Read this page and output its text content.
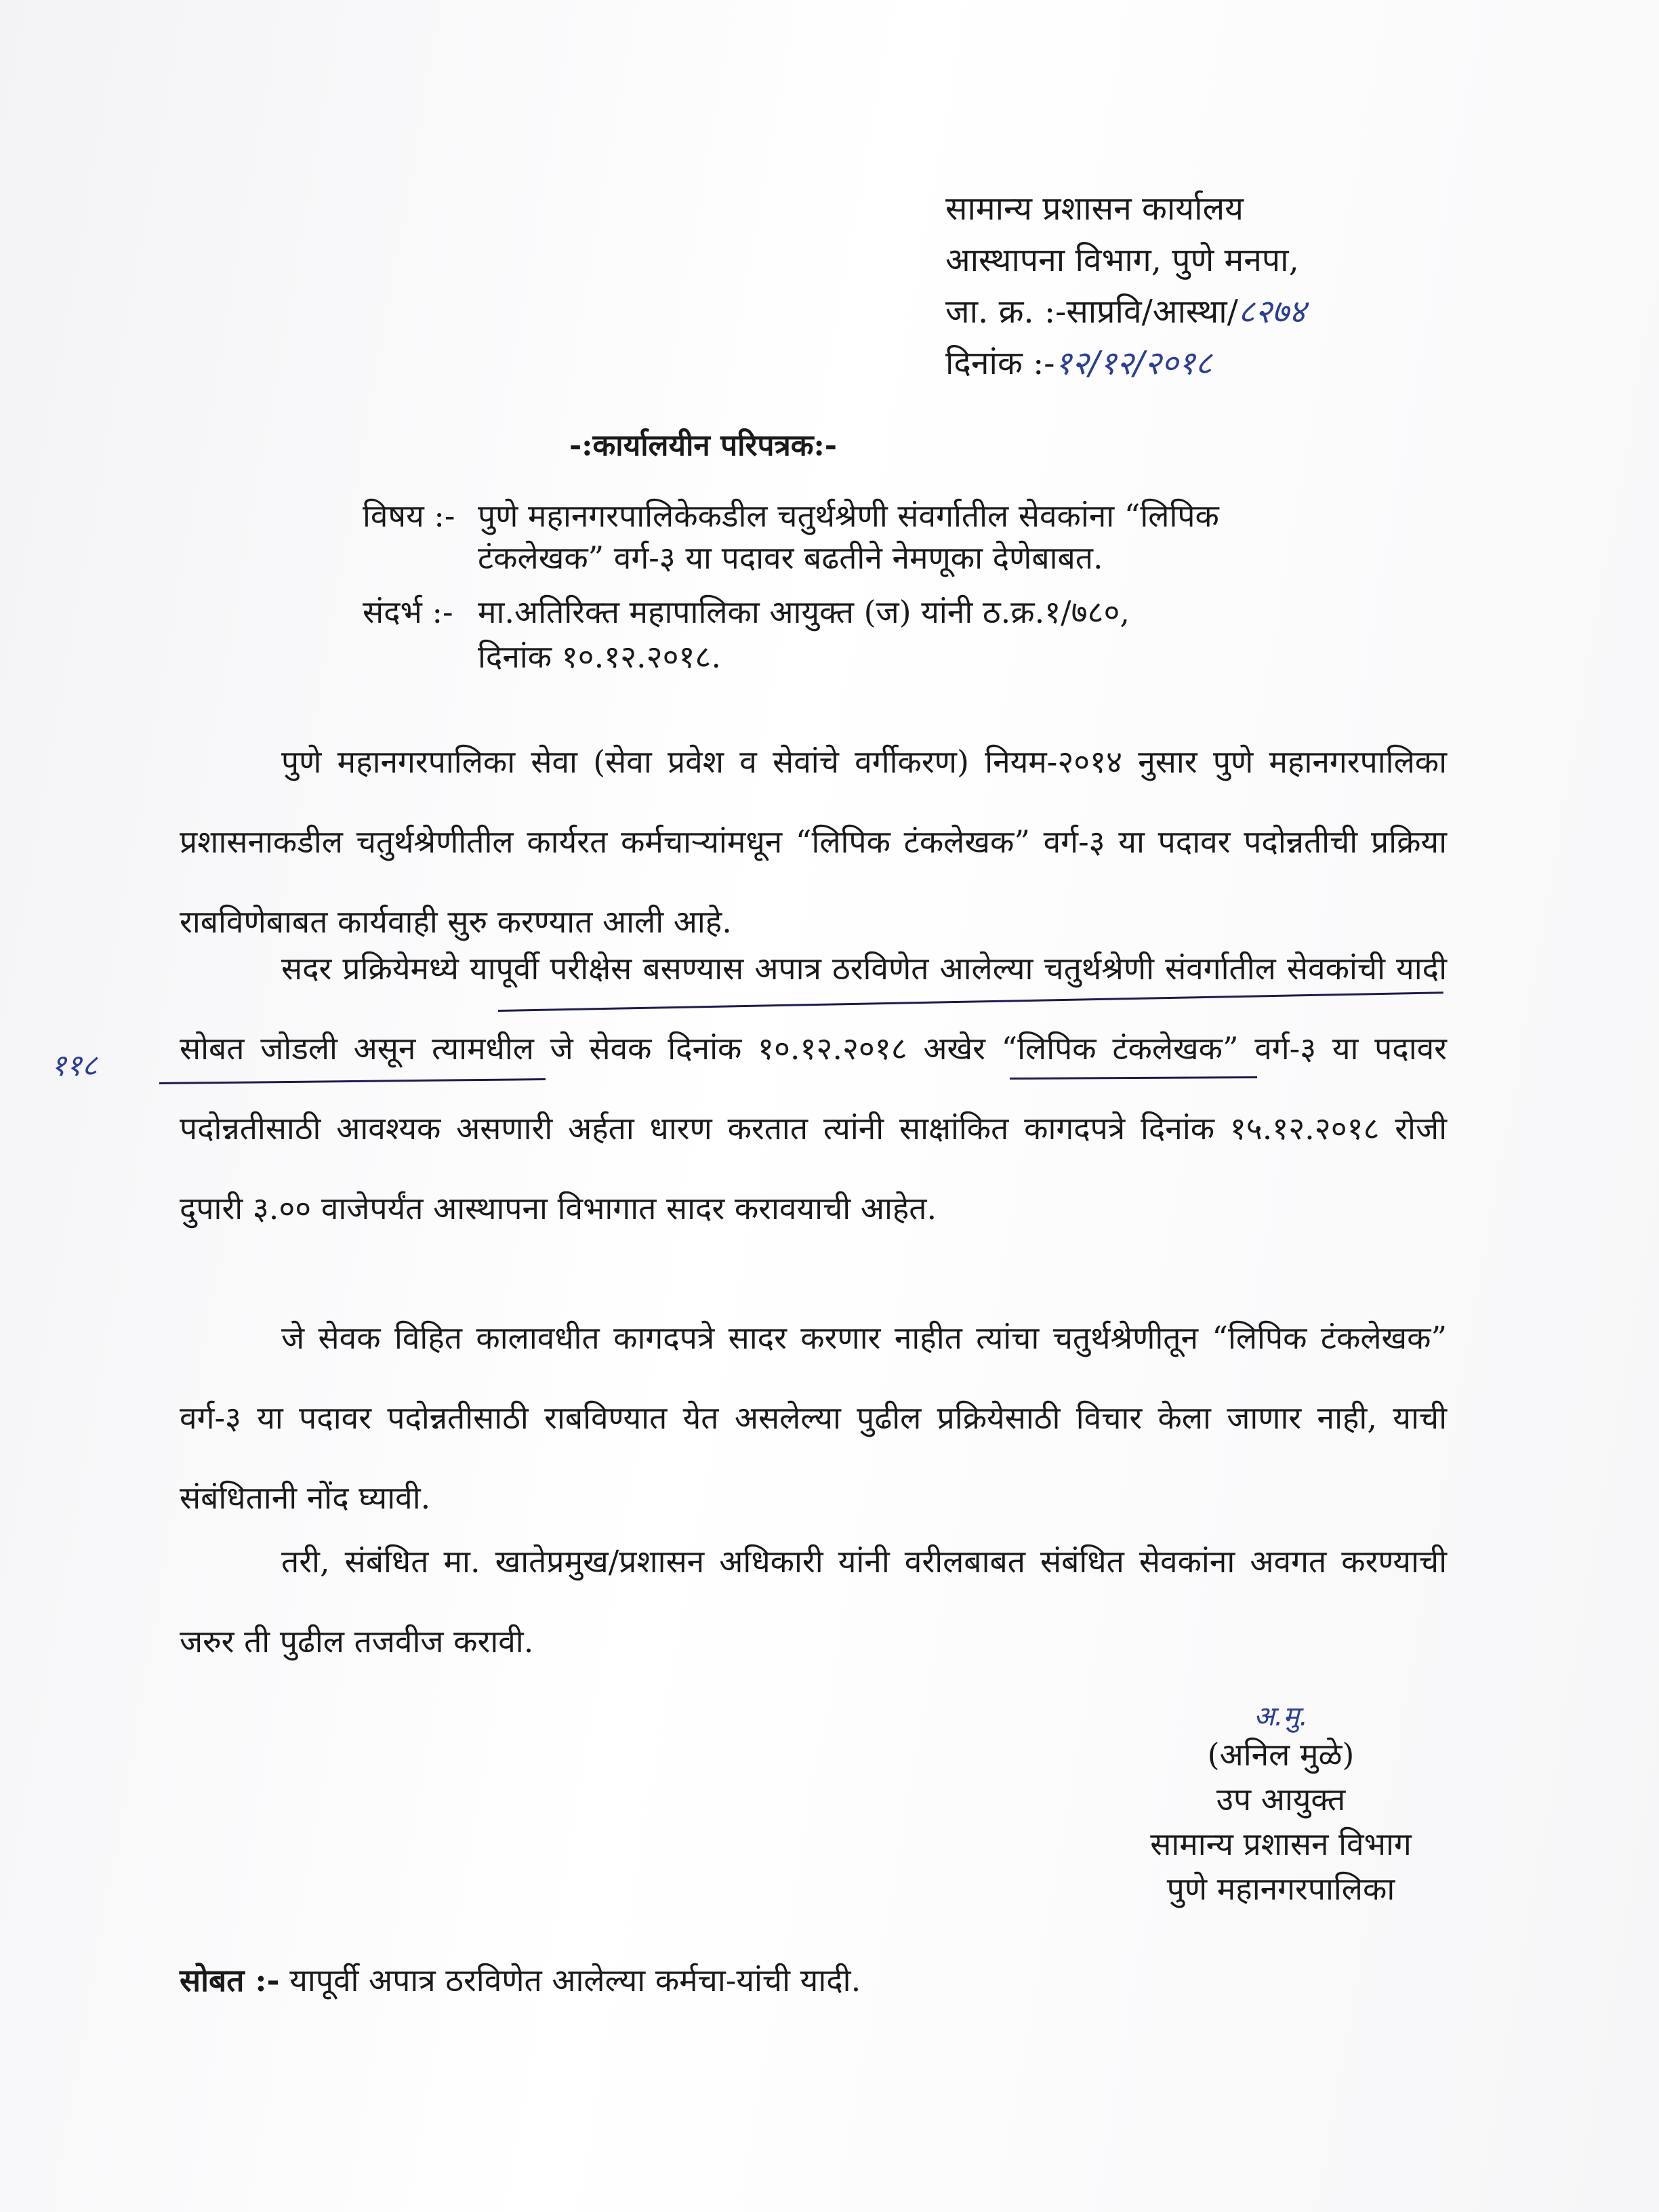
सामान्य प्रशासन कार्यालय
आस्थापना विभाग, पुणे मनपा,
जा. क्र. :-साप्रवि/आस्था/८२७४
दिनांक :-१२/१२/२०१८
-:कार्यालयीन परिपत्रक:-
विषय :- पुणे महानगरपालिकेकडील चतुर्थश्रेणी संवर्गातील सेवकांना “लिपिक
टंकलेखक” वर्ग-३ या पदावर बढतीने नेमणूका देणेबाबत.
संदर्भ :- मा.अतिरिक्त महापालिका आयुक्त (ज) यांनी ठ.क्र.१/७८०,
दिनांक १०.१२.२०१८.

पुणे महानगरपालिका सेवा (सेवा प्रवेश व सेवांचे वर्गीकरण) नियम-२०१४ नुसार पुणे महानगरपालिका प्रशासनाकडील चतुर्थश्रेणीतील कार्यरत कर्मचाऱ्यांमधून “लिपिक टंकलेखक” वर्ग-३ या पदावर पदोन्नतीची प्रक्रिया राबविणेबाबत कार्यवाही सुरु करण्यात आली आहे.

सदर प्रक्रियेमध्ये यापूर्वी परीक्षेस बसण्यास अपात्र ठरविणेत आलेल्या चतुर्थश्रेणी संवर्गातील सेवकांची यादी सोबत जोडली असून त्यामधील जे सेवक दिनांक १०.१२.२०१८ अखेर “लिपिक टंकलेखक” वर्ग-३ या पदावर पदोन्नतीसाठी आवश्यक असणारी अर्हता धारण करतात त्यांनी साक्षांकित कागदपत्रे दिनांक १५.१२.२०१८ रोजी दुपारी ३.०० वाजेपर्यंत आस्थापना विभागात सादर करावयाची आहेत.

जे सेवक विहित कालावधीत कागदपत्रे सादर करणार नाहीत त्यांचा चतुर्थश्रेणीतून “लिपिक टंकलेखक” वर्ग-३ या पदावर पदोन्नतीसाठी राबविण्यात येत असलेल्या पुढील प्रक्रियेसाठी विचार केला जाणार नाही, याची संबंधितानी नोंद घ्यावी.

तरी, संबंधित मा. खातेप्रमुख/प्रशासन अधिकारी यांनी वरीलबाबत संबंधित सेवकांना अवगत करण्याची जरुर ती पुढील तजवीज करावी.

११८
अ.मु.
(अनिल मुळे)
उप आयुक्त
सामान्य प्रशासन विभाग
पुणे महानगरपालिका
सोबत :- यापूर्वी अपात्र ठरविणेत आलेल्या कर्मचा-यांची यादी.
